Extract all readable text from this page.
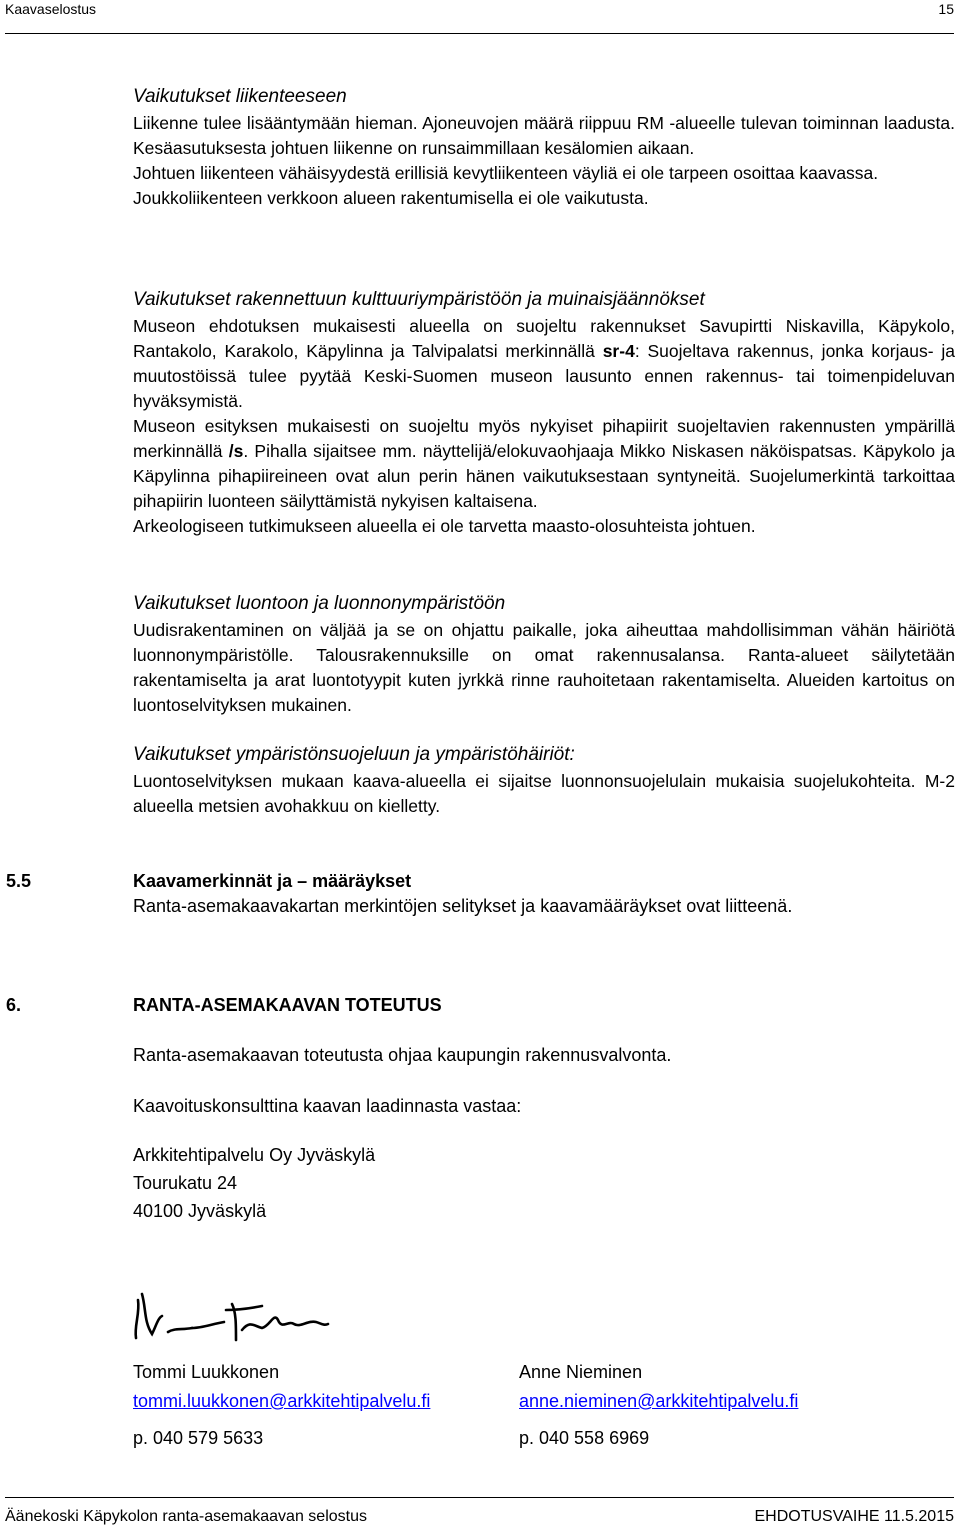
Kaavaselostus	15
Vaikutukset liikenteeseen

Liikenne tulee lisääntymään hieman. Ajoneuvojen määrä riippuu RM -alueelle tulevan toiminnan laadusta. Kesäasutuksesta johtuen liikenne on runsaimmillaan kesälomien aikaan.

Johtuen liikenteen vähäisyydestä erillisiä kevytliikenteen väyliä ei ole tarpeen osoittaa kaavassa.

Joukkoliikenteen verkkoon alueen rakentumisella ei ole vaikutusta.

Vaikutukset rakennettuun kulttuuriympäristöön ja muinaisjäännökset

Museon ehdotuksen mukaisesti alueella on suojeltu rakennukset Savupirtti Niskavilla, Käpykolo, Rantakolo, Karakolo, Käpylinna ja Talvipalatsi merkinnällä sr-4: Suojeltava rakennus, jonka korjaus- ja muutostöissä tulee pyytää Keski-Suomen museon lausunto ennen rakennus- tai toimenpideluvan hyväksymistä.

Museon esityksen mukaisesti on suojeltu myös nykyiset pihapiirit suojeltavien rakennusten ympärillä merkinnällä /s. Pihalla sijaitsee mm. näyttelijä/elokuvaohjaaja Mikko Niskasen näköispatsas. Käpykolo ja Käpylinna pihapiireineen ovat alun perin hänen vaikutuksestaan syntyneitä. Suojelumerkintä tarkoittaa pihapiirin luonteen säilyttämistä nykyisen kaltaisena.

Arkeologiseen tutkimukseen alueella ei ole tarvetta maasto-olosuhteista johtuen.

Vaikutukset luontoon ja luonnonympäristöön

Uudisrakentaminen on väljää ja se on ohjattu paikalle, joka aiheuttaa mahdollisimman vähän häiriötä luonnonympäristölle. Talousrakennuksille on omat rakennusalansa. Ranta-alueet säilytetään rakentamiselta ja arat luontotyypit kuten jyrkkä rinne rauhoitetaan rakentamiselta. Alueiden kartoitus on luontoselvityksen mukainen.

Vaikutukset ympäristönsuojeluun ja ympäristöhäiriöt:

Luontoselvityksen mukaan kaava-alueella ei sijaitse luonnonsuojelulain mukaisia suojelukohteita. M-2 alueella metsien avohakkuu on kielletty.

5.5	Kaavamerkinnät ja – määräykset
Ranta-asemakaavakartan merkintöjen selitykset ja kaavamääräykset ovat liitteenä.
6.	RANTA-ASEMAKAAVAN TOTEUTUS
Ranta-asemakaavan toteutusta ohjaa kaupungin rakennusvalvonta.
Kaavoituskonsulttina kaavan laadinnasta vastaa:
Arkkitehtipalvelu Oy Jyväskylä
Tourukatu 24
40100 Jyväskylä
Tommi Luukkonen
tommi.luukkonen@arkkitehtipalvelu.fi
p. 040 579 5633
Anne Nieminen
anne.nieminen@arkkitehtipalvelu.fi
p. 040 558 6969
Äänekoski Käpykolon ranta-asemakaavan selostus	EHDOTUSVAIHE 11.5.2015
